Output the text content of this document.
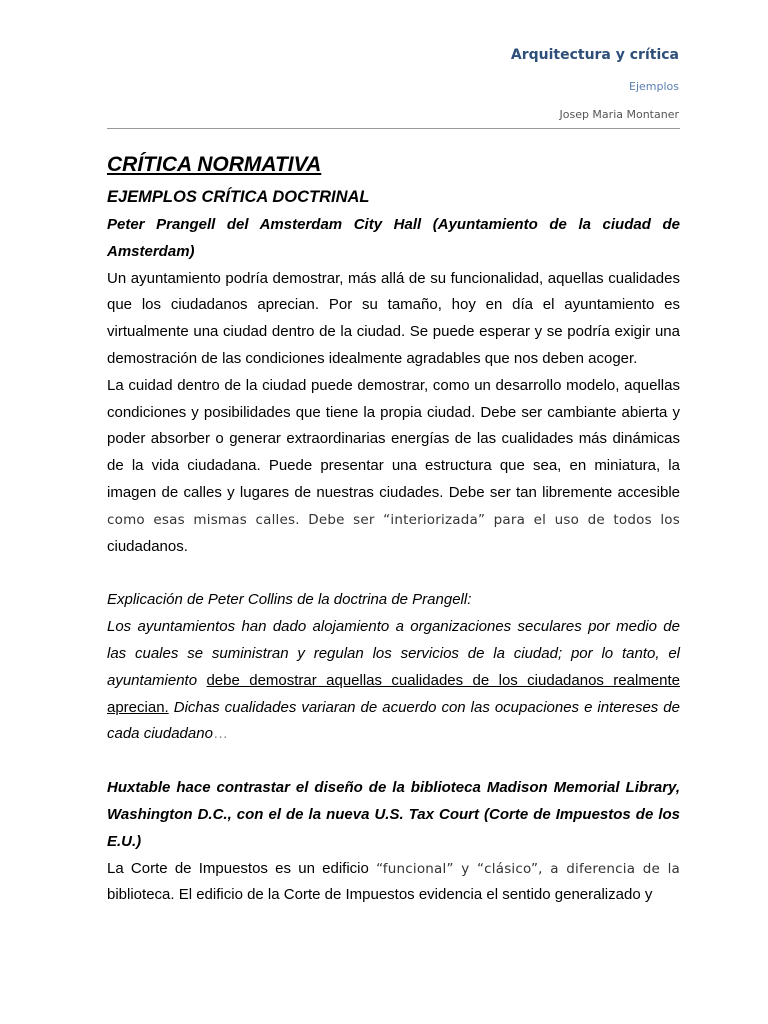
Arquitectura y crítica
Ejemplos
Josep Maria Montaner
CRÍTICA NORMATIVA
EJEMPLOS CRÍTICA DOCTRINAL

Peter Prangell del Amsterdam City Hall (Ayuntamiento de la ciudad de Amsterdam)

Un ayuntamiento podría demostrar, más allá de su funcionalidad, aquellas cualidades que los ciudadanos aprecian. Por su tamaño, hoy en día el ayuntamiento es virtualmente una ciudad dentro de la ciudad. Se puede esperar y se podría exigir una demostración de las condiciones idealmente agradables que nos deben acoger.

La cuidad dentro de la ciudad puede demostrar, como un desarrollo modelo, aquellas condiciones y posibilidades que tiene la propia ciudad. Debe ser cambiante abierta y poder absorber o generar extraordinarias energías de las cualidades más dinámicas de la vida ciudadana. Puede presentar una estructura que sea, en miniatura, la imagen de calles y lugares de nuestras ciudades. Debe ser tan libremente accesible como esas mismas calles. Debe ser “interiorizada” para el uso de todos los ciudadanos.

Explicación de Peter Collins de la doctrina de Prangell:

Los ayuntamientos han dado alojamiento a organizaciones seculares por medio de las cuales se suministran y regulan los servicios de la ciudad; por lo tanto, el ayuntamiento debe demostrar aquellas cualidades de los ciudadanos realmente aprecian. Dichas cualidades variaran de acuerdo con las ocupaciones e intereses de cada ciudadano…

Huxtable hace contrastar el diseño de la biblioteca Madison Memorial Library, Washington D.C., con el de la nueva U.S. Tax Court (Corte de Impuestos de los E.U.)

La Corte de Impuestos es un edificio “funcional” y “clásico”, a diferencia de la biblioteca. El edificio de la Corte de Impuestos evidencia el sentido generalizado y
